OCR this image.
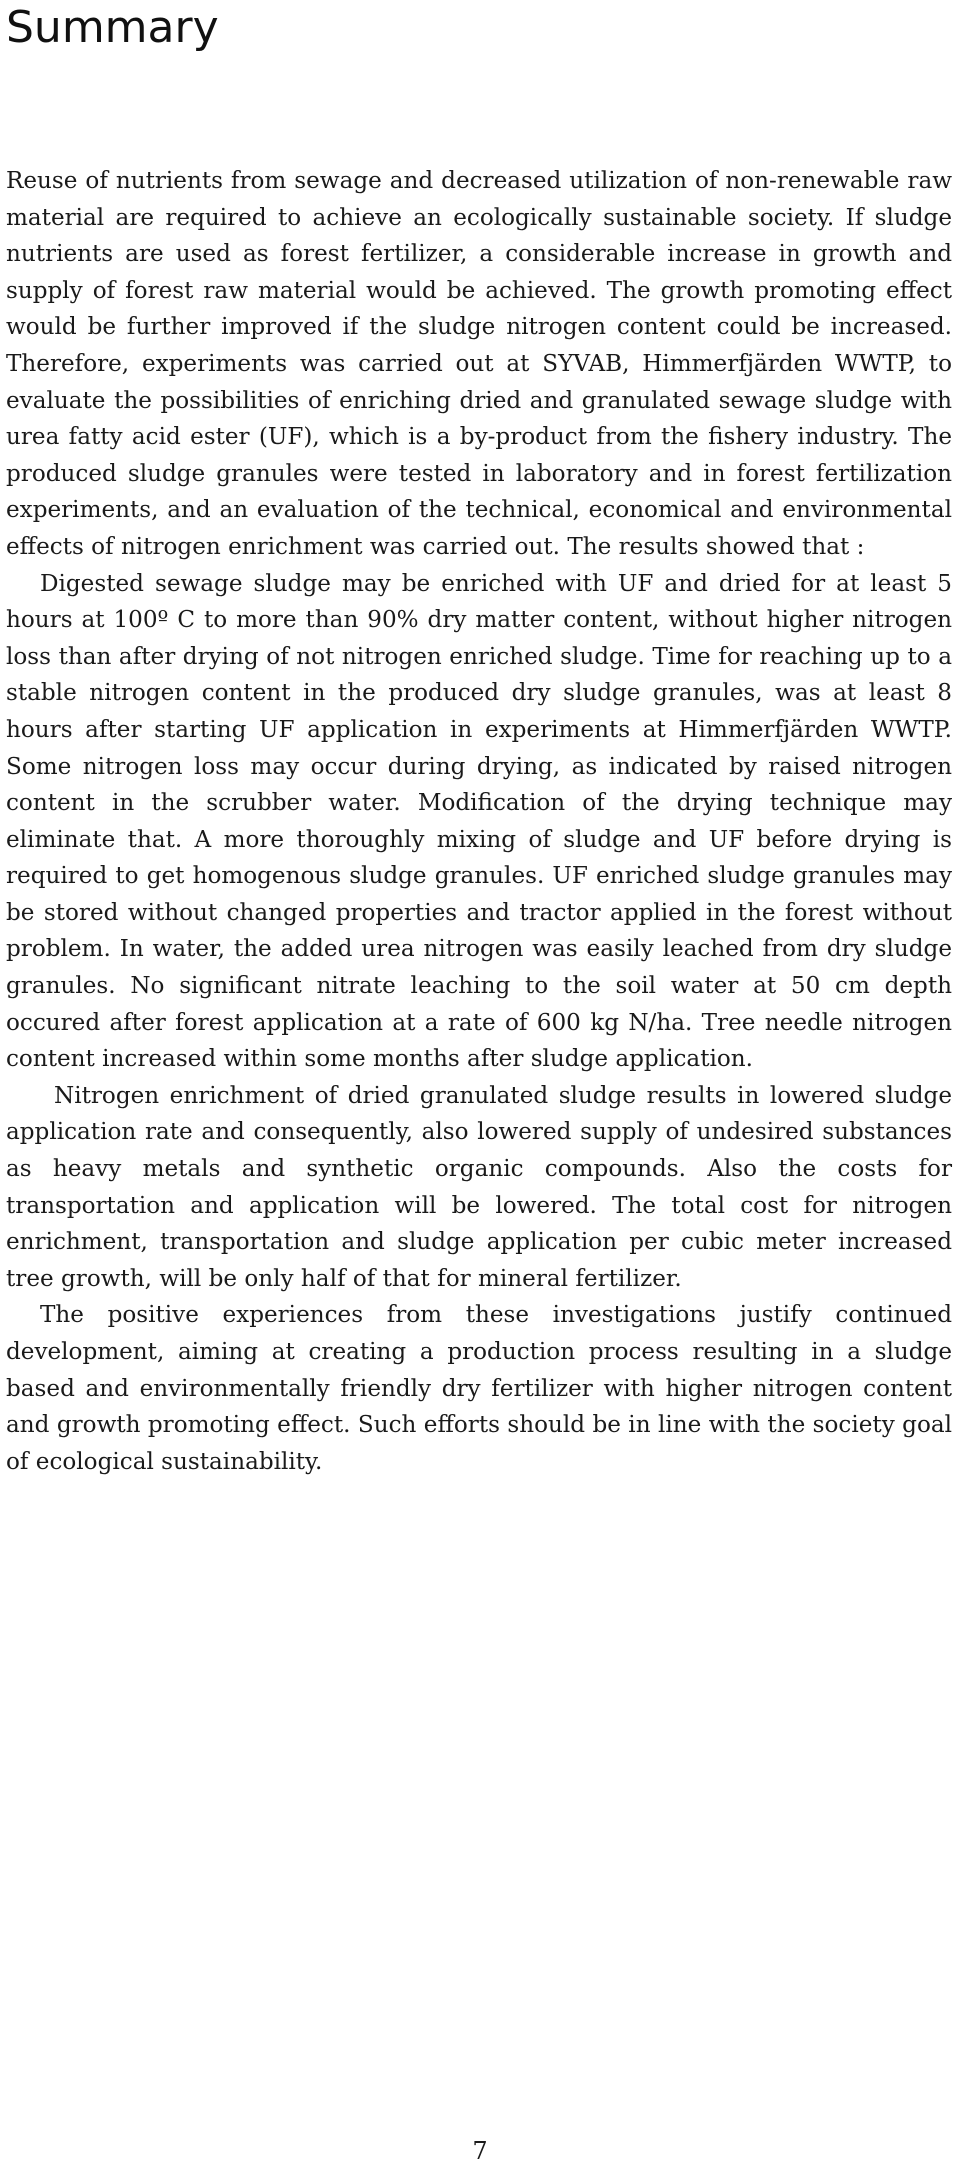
Summary

Reuse of nutrients from sewage and decreased utilization of non-renewable raw material are required to achieve an ecologically sustainable society. If sludge nutrients are used as forest fertilizer, a considerable increase in growth and supply of forest raw material would be achieved. The growth promoting effect would be further improved if the sludge nitrogen content could be increased. Therefore, experiments was carried out at SYVAB, Himmerfjärden WWTP, to evaluate the possibilities of enriching dried and granulated sewage sludge with urea fatty acid ester (UF), which is a by-product from the fishery industry. The produced sludge granules were tested in laboratory and in forest fertilization experiments, and an evaluation of the technical, economical and environmental effects of nitrogen enrichment was carried out. The results showed that :

Digested sewage sludge may be enriched with UF and dried for at least 5 hours at 100º C to more than 90% dry matter content, without higher nitrogen loss than after drying of not nitrogen enriched sludge. Time for reaching up to a stable nitrogen content in the produced dry sludge granules, was at least 8 hours after starting UF application in experiments at Himmerfjärden WWTP. Some nitrogen loss may occur during drying, as indicated by raised nitrogen content in the scrubber water. Modification of the drying technique may eliminate that. A more thoroughly mixing of sludge and UF before drying is required to get homogenous sludge granules. UF enriched sludge granules may be stored without changed properties and tractor applied in the forest without problem. In water, the added urea nitrogen was easily leached from dry sludge granules. No significant nitrate leaching to the soil water at 50 cm depth occured after forest application at a rate of 600 kg N/ha. Tree needle nitrogen content increased within some months after sludge application.

Nitrogen enrichment of dried granulated sludge results in lowered sludge application rate and consequently, also lowered supply of undesired substances as heavy metals and synthetic organic compounds. Also the costs for transportation and application will be lowered. The total cost for nitrogen enrichment, transportation and sludge application per cubic meter increased tree growth, will be only half of that for mineral fertilizer.

The positive experiences from these investigations justify continued development, aiming at creating a production process resulting in a sludge based and environmentally friendly dry fertilizer with higher nitrogen content and growth promoting effect. Such efforts should be in line with the society goal of ecological sustainability.

7
